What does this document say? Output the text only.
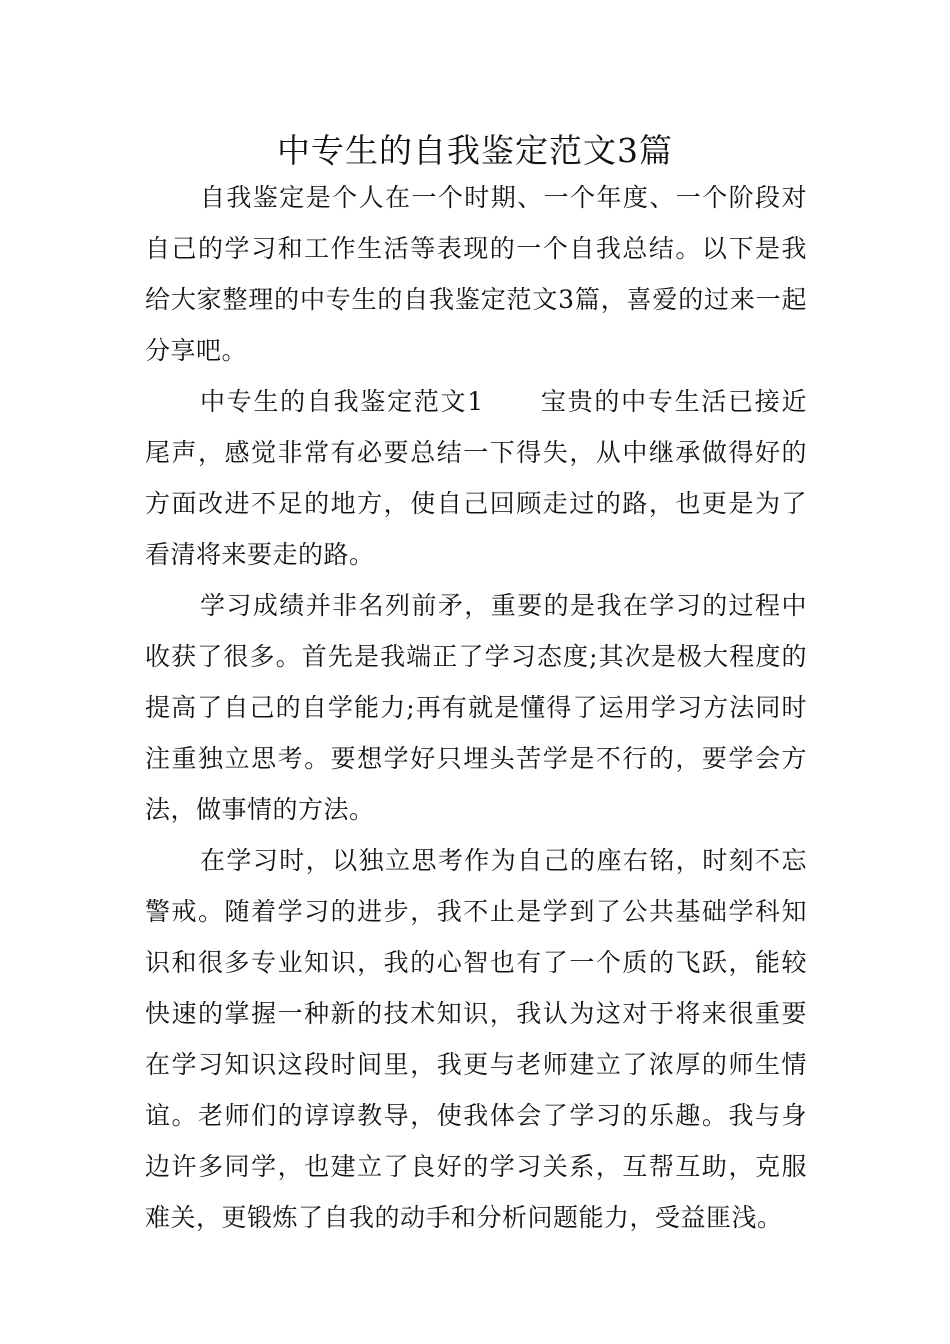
中专生的自我鉴定范文3篇

自我鉴定是个人在一个时期、一个年度、一个阶段对自己的学习和工作生活等表现的一个自我总结。以下是我给大家整理的中专生的自我鉴定范文3篇，喜爱的过来一起分享吧。

中专生的自我鉴定范文1 宝贵的中专生活已接近尾声，感觉非常有必要总结一下得失，从中继承做得好的方面改进不足的地方，使自己回顾走过的路，也更是为了看清将来要走的路。

学习成绩并非名列前矛，重要的是我在学习的过程中收获了很多。首先是我端正了学习态度;其次是极大程度的提高了自己的自学能力;再有就是懂得了运用学习方法同时注重独立思考。要想学好只埋头苦学是不行的，要学会方法，做事情的方法。

在学习时，以独立思考作为自己的座右铭，时刻不忘警戒。随着学习的进步，我不止是学到了公共基础学科知识和很多专业知识，我的心智也有了一个质的飞跃，能较快速的掌握一种新的技术知识，我认为这对于将来很重要在学习知识这段时间里，我更与老师建立了浓厚的师生情谊。老师们的谆谆教导，使我体会了学习的乐趣。我与身边许多同学，也建立了良好的学习关系，互帮互助，克服难关，更锻炼了自我的动手和分析问题能力，受益匪浅。
